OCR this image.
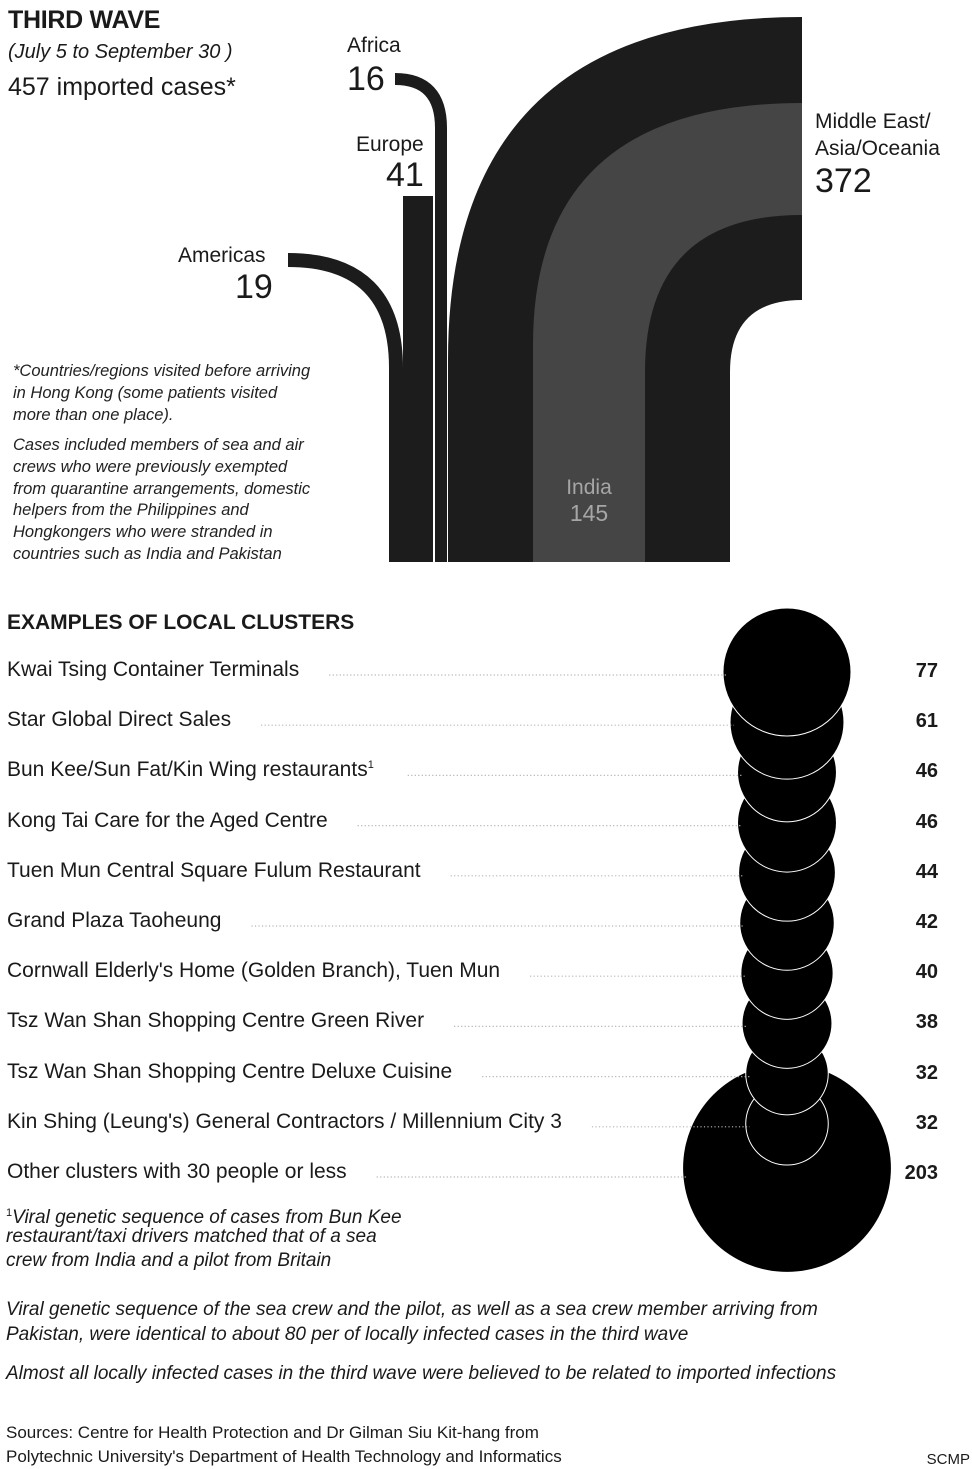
THIRD WAVE
(July 5 to September 30 )
457 imported cases*
Africa
16
Europe
41
Americas
19
Middle East/
Asia/Oceania
372
India
145
*Countries/regions visited before arriving in Hong Kong (some patients visited more than one place).
Cases included members of sea and air crews who were previously exempted from quarantine arrangements, domestic helpers from the Philippines and Hongkongers who were stranded in countries such as India and Pakistan
EXAMPLES OF LOCAL CLUSTERS
Kwai Tsing Container Terminals	77
Star Global Direct Sales	61
Bun Kee/Sun Fat/Kin Wing restaurants$^1$	46
Kong Tai Care for the Aged Centre	46
Tuen Mun Central Square Fulum Restaurant	44
Grand Plaza Taoheung	42
Cornwall Elderly's Home (Golden Branch), Tuen Mun	40
Tsz Wan Shan Shopping Centre Green River	38
Tsz Wan Shan Shopping Centre Deluxe Cuisine	32
Kin Shing (Leung's) General Contractors / Millennium City 3	32
Other clusters with 30 people or less	203
$^1$Viral genetic sequence of cases from Bun Kee
restaurant/taxi drivers matched that of a sea
crew from India and a pilot from Britain
Viral genetic sequence of the sea crew and the pilot, as well as a sea crew member arriving from
Pakistan, were identical to about 80 per of locally infected cases in the third wave
Almost all locally infected cases in the third wave were believed to be related to imported infections
Sources: Centre for Health Protection and Dr Gilman Siu Kit-hang from
Polytechnic University's Department of Health Technology and Informatics	SCMP
